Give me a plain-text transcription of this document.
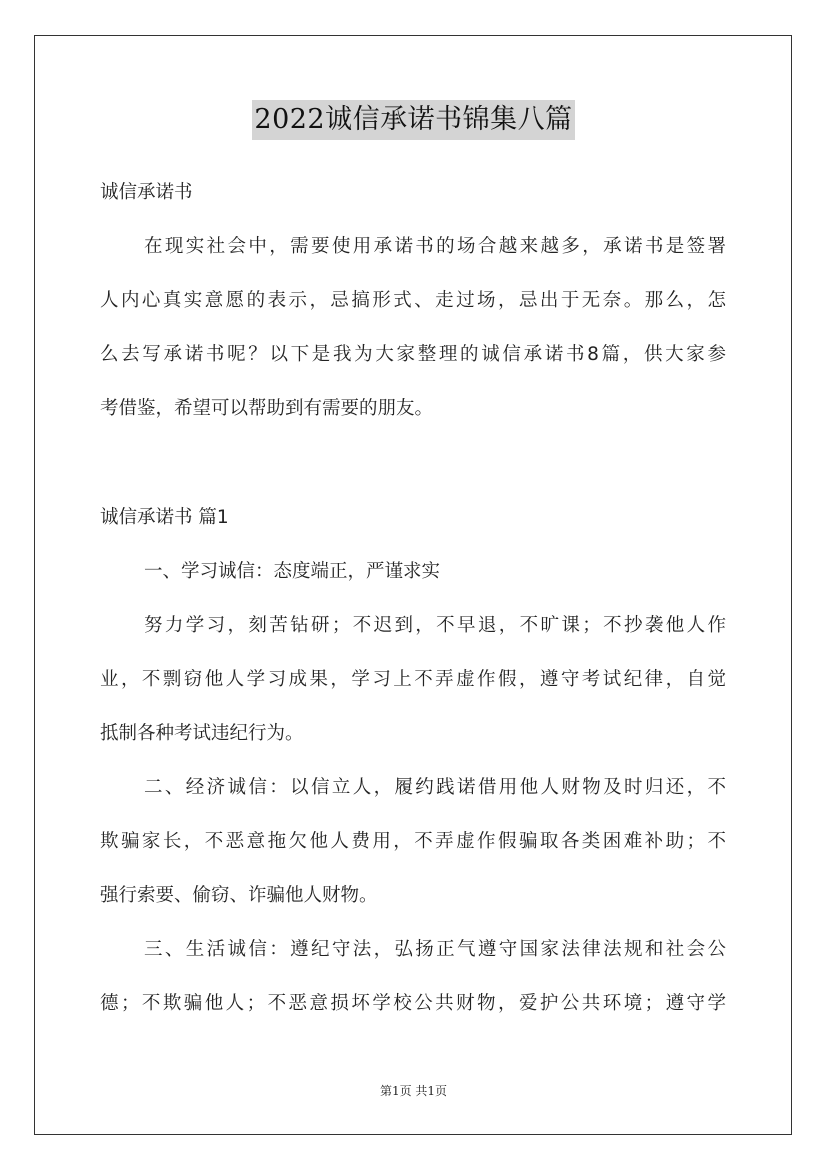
2022诚信承诺书锦集八篇
诚信承诺书
在现实社会中，需要使用承诺书的场合越来越多，承诺书是签署
人内心真实意愿的表示，忌搞形式、走过场，忌出于无奈。那么，怎
么去写承诺书呢？以下是我为大家整理的诚信承诺书8篇，供大家参
考借鉴，希望可以帮助到有需要的朋友。
诚信承诺书 篇1
一、学习诚信：态度端正，严谨求实
努力学习，刻苦钻研；不迟到，不早退，不旷课；不抄袭他人作
业，不剽窃他人学习成果，学习上不弄虚作假，遵守考试纪律，自觉
抵制各种考试违纪行为。
二、经济诚信：以信立人，履约践诺借用他人财物及时归还，不
欺骗家长，不恶意拖欠他人费用，不弄虚作假骗取各类困难补助；不
强行索要、偷窃、诈骗他人财物。
三、生活诚信：遵纪守法，弘扬正气遵守国家法律法规和社会公
德；不欺骗他人；不恶意损坏学校公共财物，爱护公共环境；遵守学
第1页 共1页
